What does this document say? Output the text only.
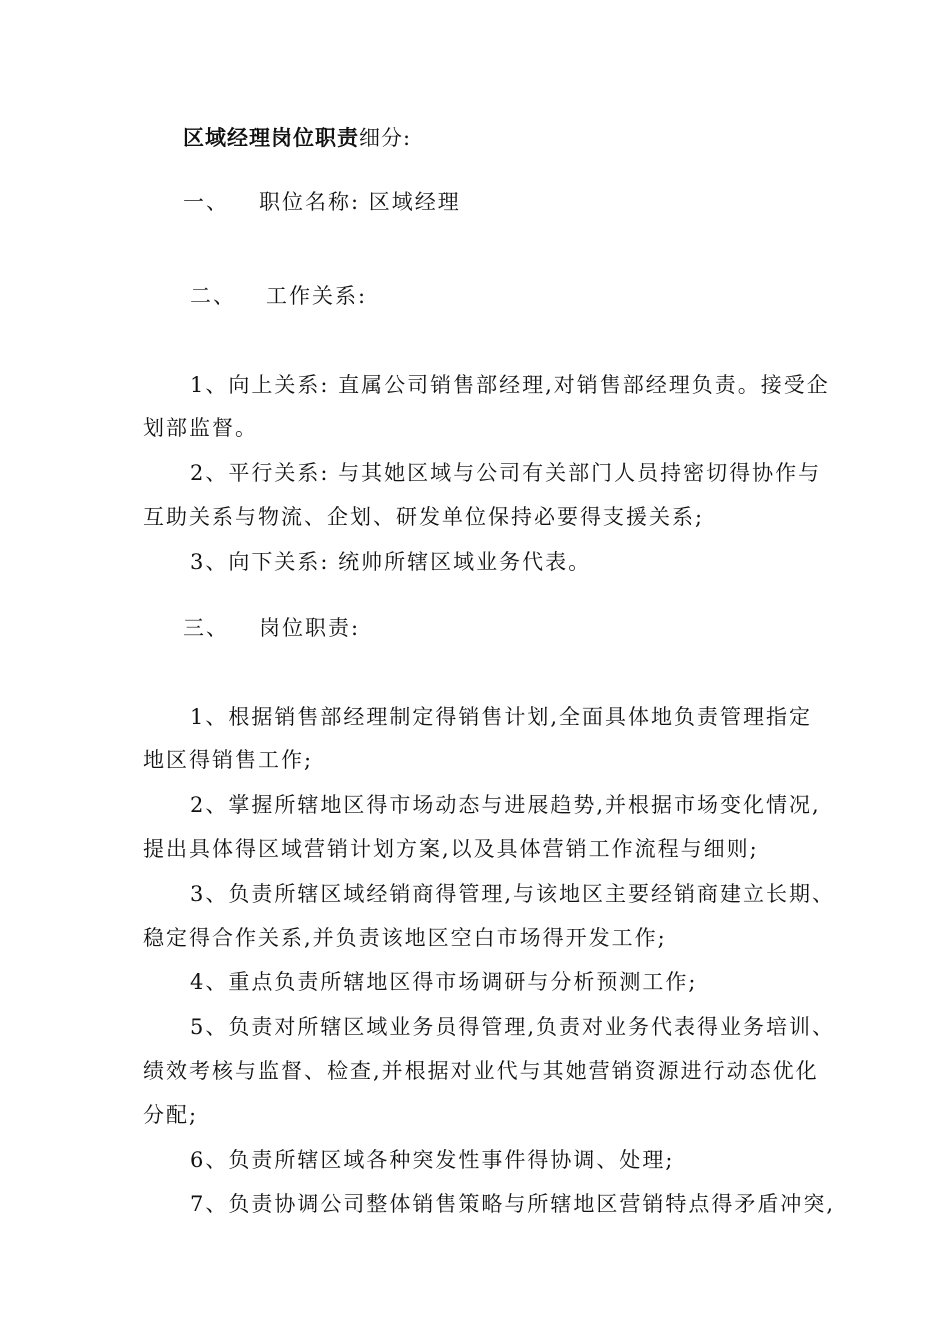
区域经理岗位职责细分:
一、 职位名称: 区域经理
二、 工作关系:
1、向上关系: 直属公司销售部经理,对销售部经理负责。接受企
划部监督。
2、平行关系: 与其她区域与公司有关部门人员持密切得协作与
互助关系与物流、企划、研发单位保持必要得支援关系;
3、向下关系: 统帅所辖区域业务代表。
三、 岗位职责:
1、根据销售部经理制定得销售计划,全面具体地负责管理指定
地区得销售工作;
2、掌握所辖地区得市场动态与进展趋势,并根据市场变化情况,
提出具体得区域营销计划方案,以及具体营销工作流程与细则;
3、负责所辖区域经销商得管理,与该地区主要经销商建立长期、
稳定得合作关系,并负责该地区空白市场得开发工作;
4、重点负责所辖地区得市场调研与分析预测工作;
5、负责对所辖区域业务员得管理,负责对业务代表得业务培训、
绩效考核与监督、检查,并根据对业代与其她营销资源进行动态优化
分配;
6、负责所辖区域各种突发性事件得协调、处理;
7、负责协调公司整体销售策略与所辖地区营销特点得矛盾冲突,
